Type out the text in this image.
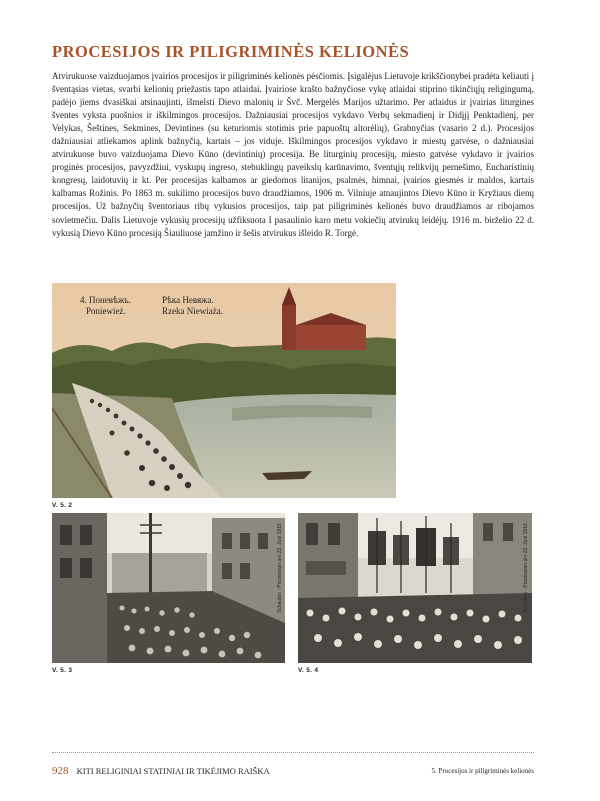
PROCESIJOS IR PILIGRIMINĖS KELIONĖS
Atvirukuose vaizduojamos įvairios procesijos ir piligriminės kelionės pėsčiomis. Įsigalėjus Lietuvoje krikščionybei pradėta keliauti į šventąsias vietas, svarbi kelionių priežastis tapo atlaidai. Įvairiose krašto bažnyčiose vykę atlaidai stiprino tikinčiųjų religingumą, padėjo jiems dvasiškai atsinaujinti, išmelsti Dievo malonių ir Švč. Mergelės Marijos užtarimo. Per atlaidus ir įvairias liturgines šventes vyksta puošnios ir iškilmingos procesijos. Dažniausiai procesijos vykdavo Verbų sekmadienį ir Didįjį Penktadienį, per Velykas, Šeštines, Sekmines, Devintines (su keturiomis stotimis prie papuoštų altorėlių), Grabnyčias (vasario 2 d.). Procesijos dažniausiai atliekamos aplink bažnyčią, kartais – jos viduje. Iškilmingos procesijos vykdavo ir miestų gatvėse, o dažniausiai atvirukuose buvo vaizduojama Dievo Kūno (devintinių) procesija. Be liturginių procesijų, miesto gatvėse vykdavo ir įvairios proginės procesijos, pavyzdžiui, vyskupų ingreso, stebuklingų paveikslų karūnavimo, šventųjų relikvijų pernešimo, Eucharistinių kongresų, laidotuvių ir kt. Per procesijas kalbamos ar giedomos litanijos, psalmės, himnai, įvairios giesmės ir maldos, kartais kalbamas Rožinis. Po 1863 m. sukilimo procesijos buvo draudžiamos, 1906 m. Vilniuje atnaujintos Dievo Kūno ir Kryžiaus dienų procesijos. Už bažnyčių šventoriaus ribų vykusios procesijos, taip pat piligriminės kelionės buvo draudžiamos ar ribojamos sovietmečiu. Dalis Lietuvoje vykusių procesijų užfiksuota I pasaulinio karo metu vokiečių atvirukų leidėjų. 1916 m. birželio 22 d. vykusią Dievo Kūno procesiją Šiauliuose jamžino ir šešis atvirukus išleido R. Torgė.
4. Поневѣжъ.
Poniewież.
Рѣка Невяжа.
Rzeka Niewiaża.
V. 5. 2
Schaulen · Prozession am 22. Juni 1916
V. 5. 3
Schaulen · Prozession am 22. Juni 1916
V. 5. 4
928 KITI RELIGINIAI STATINIAI IR TIKĖJIMO RAIŠKA	5. Procesijos ir piligriminės kelionės
